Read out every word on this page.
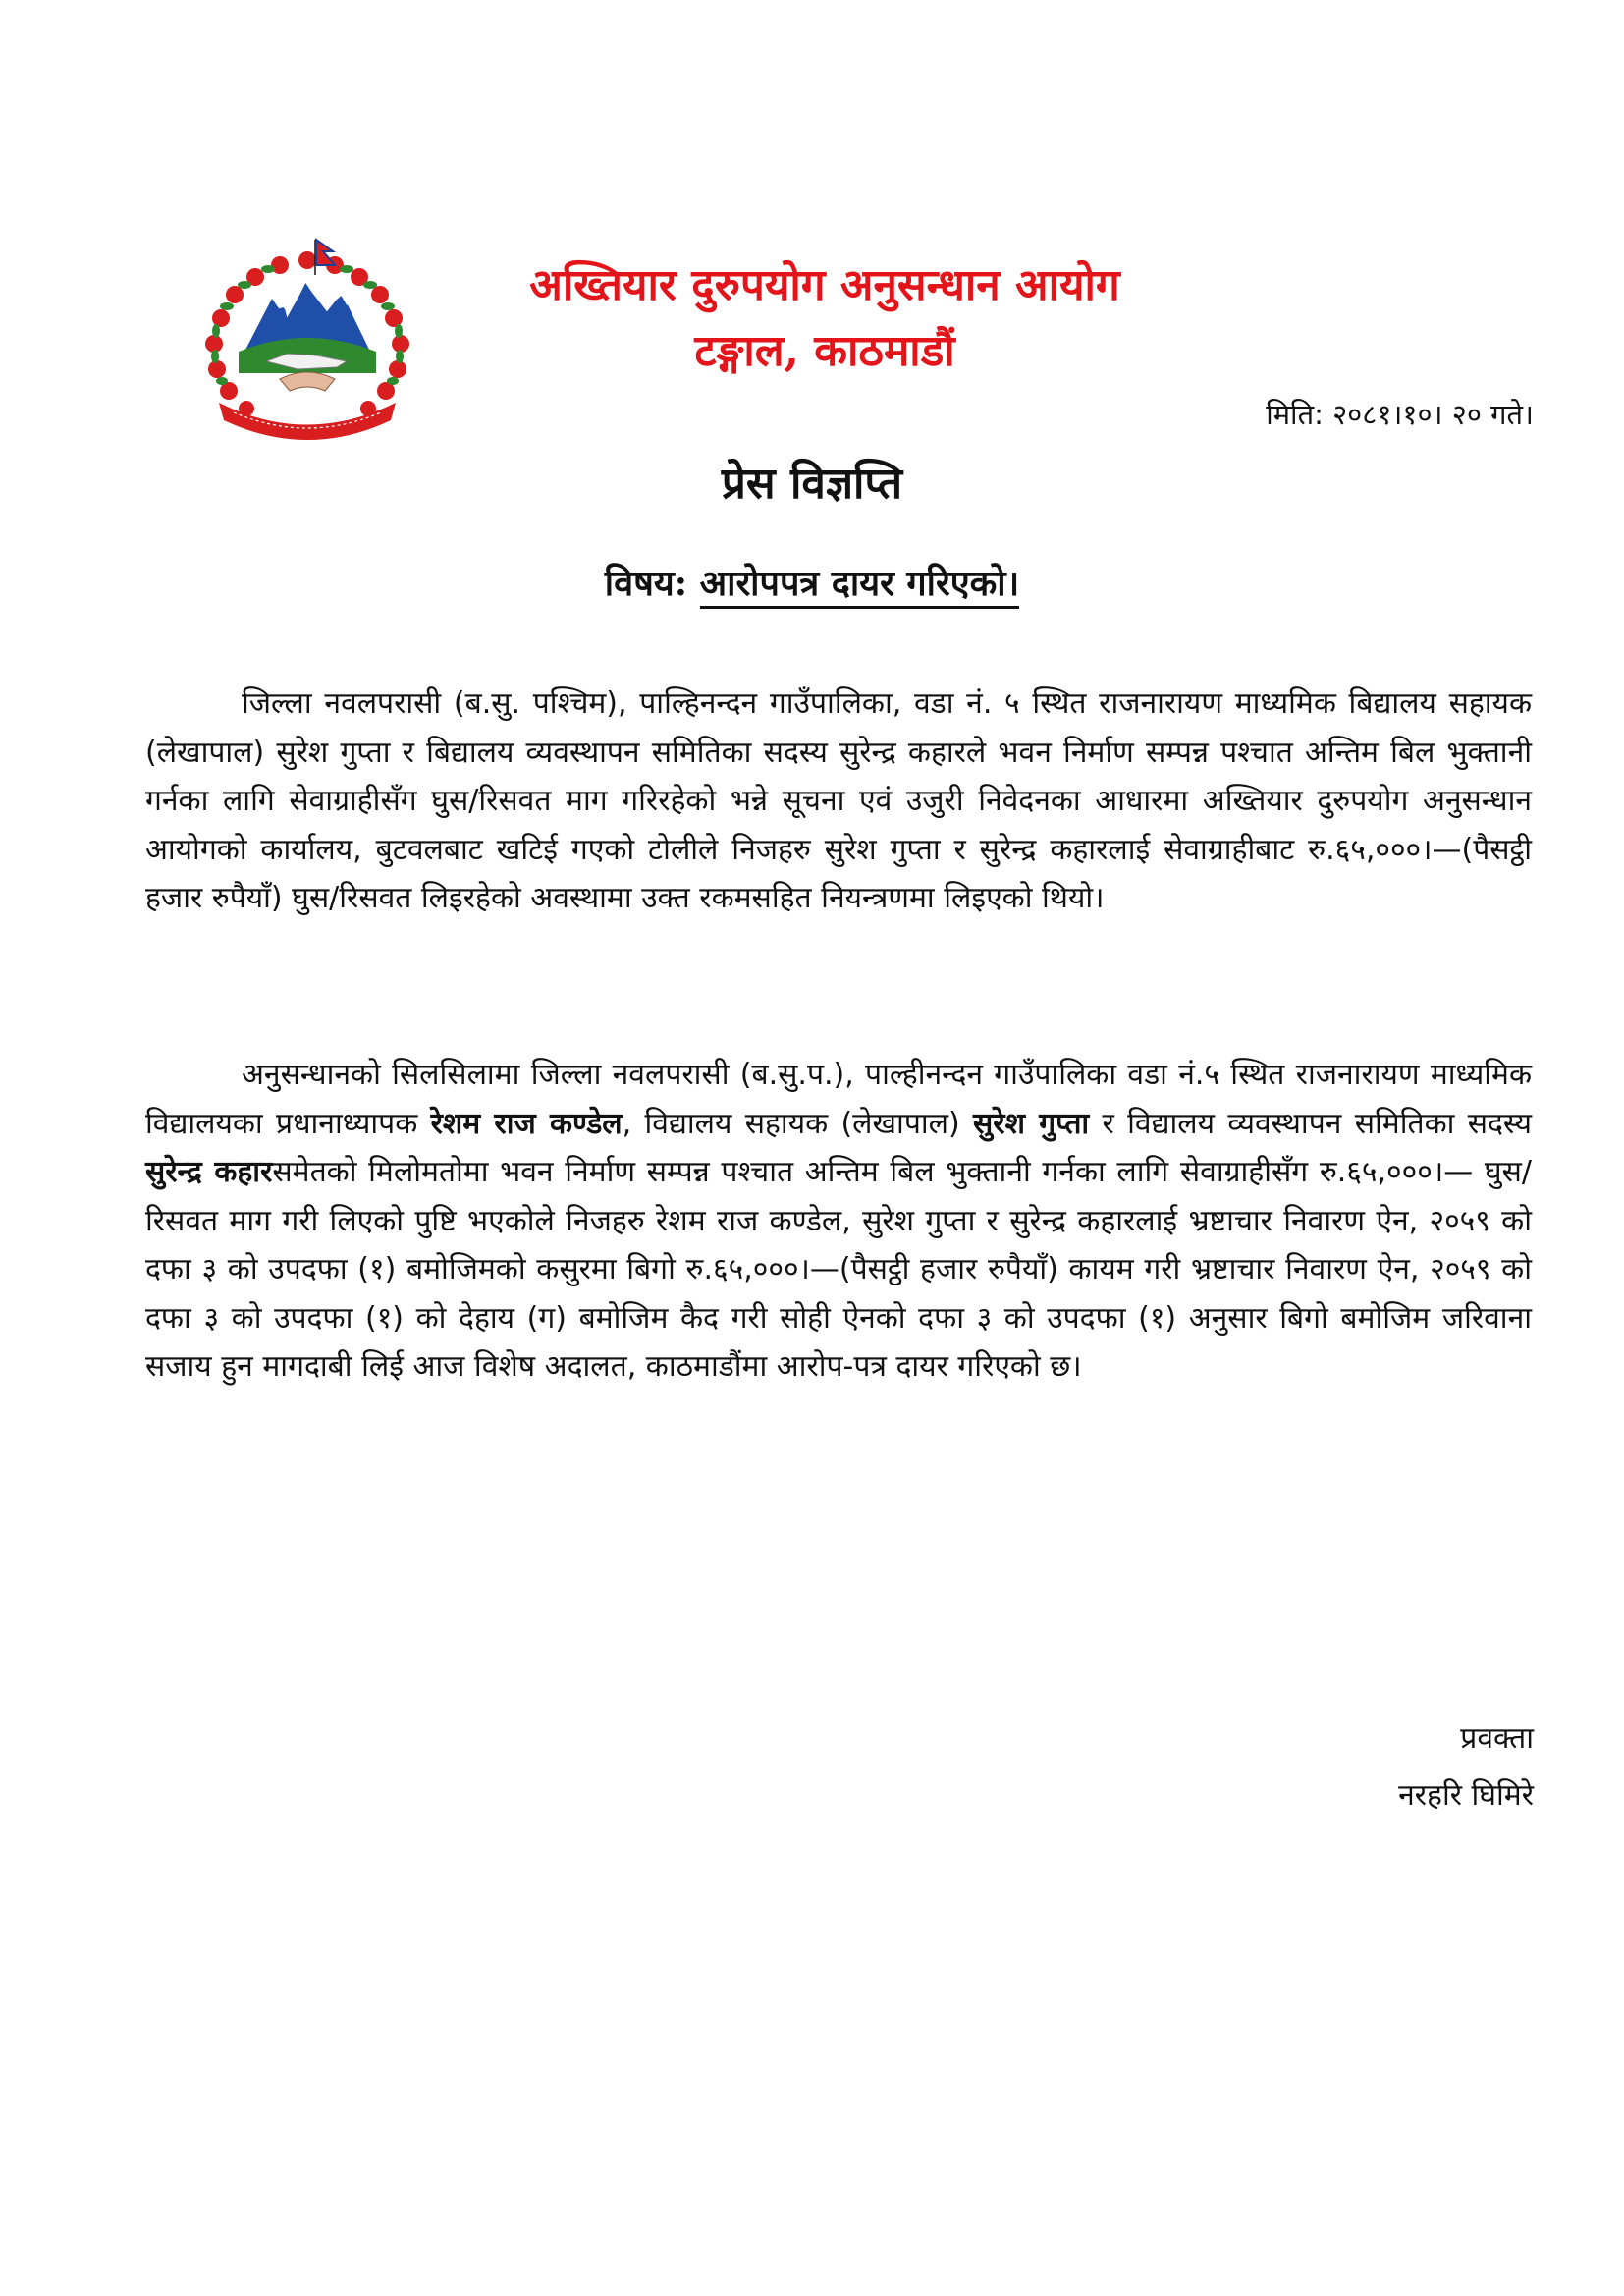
अख्तियार दुरुपयोग अनुसन्धान आयोग
टङ्गाल, काठमाडौं
मिति: २०८१।१०। २० गते।
प्रेस विज्ञप्ति
विषय: आरोपपत्र दायर गरिएको।

जिल्ला नवलपरासी (ब.सु. पश्चिम), पाल्हिनन्दन गाउँपालिका, वडा नं. ५ स्थित राजनारायण माध्यमिक बिद्यालय सहायक (लेखापाल) सुरेश गुप्ता र बिद्यालय व्यवस्थापन समितिका सदस्य सुरेन्द्र कहारले भवन निर्माण सम्पन्न पश्चात अन्तिम बिल भुक्तानी गर्नका लागि सेवाग्राहीसँग घुस/रिसवत माग गरिरहेको भन्ने सूचना एवं उजुरी निवेदनका आधारमा अख्तियार दुरुपयोग अनुसन्धान आयोगको कार्यालय, बुटवलबाट खटिई गएको टोलीले निजहरु सुरेश गुप्ता र सुरेन्द्र कहारलाई सेवाग्राहीबाट रु.६५,०००।—(पैसट्ठी हजार रुपैयाँ) घुस/रिसवत लिइरहेको अवस्थामा उक्त रकमसहित नियन्त्रणमा लिइएको थियो।

अनुसन्धानको सिलसिलामा जिल्ला नवलपरासी (ब.सु.प.), पाल्हीनन्दन गाउँपालिका वडा नं.५ स्थित राजनारायण माध्यमिक विद्यालयका प्रधानाध्यापक रेशम राज कण्डेल, विद्यालय सहायक (लेखापाल) सुरेश गुप्ता र विद्यालय व्यवस्थापन समितिका सदस्य सुरेन्द्र कहारसमेतको मिलोमतोमा भवन निर्माण सम्पन्न पश्चात अन्तिम बिल भुक्तानी गर्नका लागि सेवाग्राहीसँग रु.६५,०००।— घुस/रिसवत माग गरी लिएको पुष्टि भएकोले निजहरु रेशम राज कण्डेल, सुरेश गुप्ता र सुरेन्द्र कहारलाई भ्रष्टाचार निवारण ऐन, २०५९ को दफा ३ को उपदफा (१) बमोजिमको कसुरमा बिगो रु.६५,०००।—(पैसट्ठी हजार रुपैयाँ) कायम गरी भ्रष्टाचार निवारण ऐन, २०५९ को दफा ३ को उपदफा (१) को देहाय (ग) बमोजिम कैद गरी सोही ऐनको दफा ३ को उपदफा (१) अनुसार बिगो बमोजिम जरिवाना सजाय हुन मागदाबी लिई आज विशेष अदालत, काठमाडौंमा आरोप-पत्र दायर गरिएको छ।

प्रवक्ता
नरहरि घिमिरे
